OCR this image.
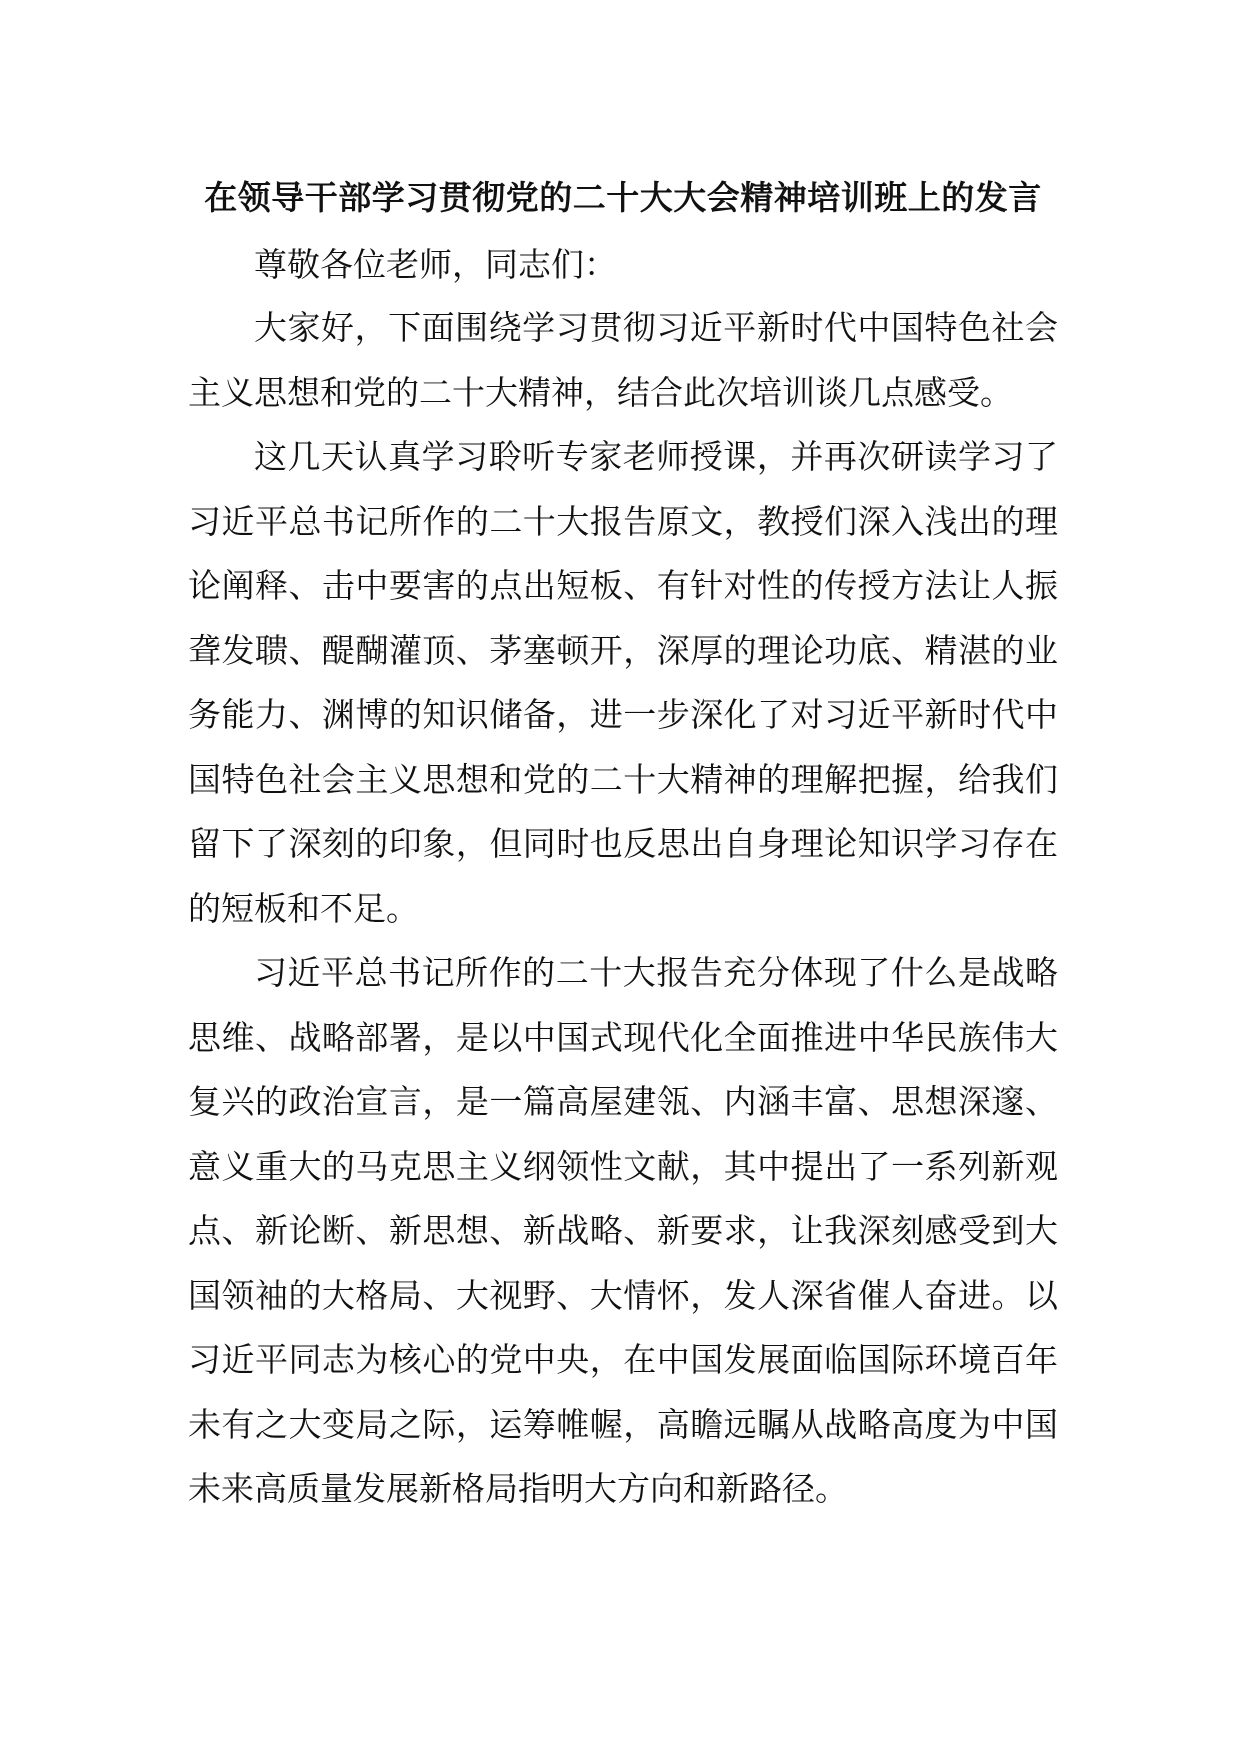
在领导干部学习贯彻党的二十大大会精神培训班上的发言

尊敬各位老师，同志们：

大家好，下面围绕学习贯彻习近平新时代中国特色社会主义思想和党的二十大精神，结合此次培训谈几点感受。

这几天认真学习聆听专家老师授课，并再次研读学习了习近平总书记所作的二十大报告原文，教授们深入浅出的理论阐释、击中要害的点出短板、有针对性的传授方法让人振聋发聩、醍醐灌顶、茅塞顿开，深厚的理论功底、精湛的业务能力、渊博的知识储备，进一步深化了对习近平新时代中国特色社会主义思想和党的二十大精神的理解把握，给我们留下了深刻的印象，但同时也反思出自身理论知识学习存在的短板和不足。

习近平总书记所作的二十大报告充分体现了什么是战略思维、战略部署，是以中国式现代化全面推进中华民族伟大复兴的政治宣言，是一篇高屋建瓴、内涵丰富、思想深邃、意义重大的马克思主义纲领性文献，其中提出了一系列新观点、新论断、新思想、新战略、新要求，让我深刻感受到大国领袖的大格局、大视野、大情怀，发人深省催人奋进。以习近平同志为核心的党中央，在中国发展面临国际环境百年未有之大变局之际，运筹帷幄，高瞻远瞩从战略高度为中国未来高质量发展新格局指明大方向和新路径。
